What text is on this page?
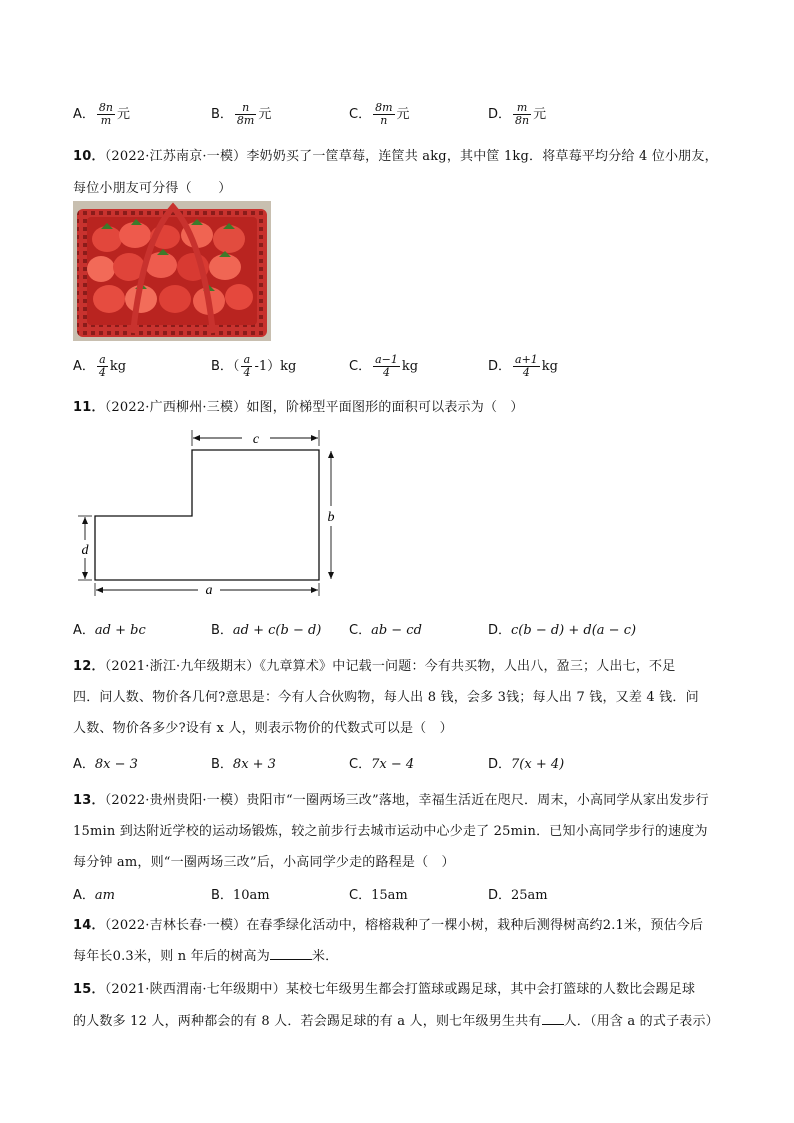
A． $\frac{8n}{m}$ 元	B． $\frac{n}{8m}$ 元	C． $\frac{8m}{n}$ 元	D． $\frac{m}{8n}$ 元
10．（2022·江苏南京·一模）李奶奶买了一筐草莓，连筐共 akg，其中筐 1kg．将草莓平均分给 4 位小朋友，
每位小朋友可分得（　　）
A． $\frac{a}{4}$ kg	B．（ $\frac{a}{4} -1)kg$	C． $\frac{a-1}{4}$ kg	D． $\frac{a+1}{4}$ kg
11．（2022·广西柳州·三模）如图，阶梯型平面图形的面积可以表示为（　）
c
b
d
a
A．ad + bc	B．ad + c(b − d) C．ab − cd	D．c(b − d) + d(a − c)
12．（2021·浙江·九年级期末）《九章算术》中记载一问题：今有共买物，人出八，盈三；人出七，不足
四．问人数、物价各几何?意思是：今有人合伙购物，每人出 8 钱，会多 3钱；每人出 7 钱，又差 4 钱．问
人数、物价各多少?设有 x 人，则表示物价的代数式可以是（　）
A．8x − 3	B．8x + 3	C．7x − 4	D．7(x + 4)
13．（2022·贵州贵阳·一模）贵阳市“一圈两场三改”落地，幸福生活近在咫尺．周末，小高同学从家出发步行
15min 到达附近学校的运动场锻炼，较之前步行去城市运动中心少走了 25min．已知小高同学步行的速度为
每分钟 am，则“一圈两场三改”后，小高同学少走的路程是（　）
A．am	B．10am	C．15am	D．25am
14．（2022·吉林长春·一模）在春季绿化活动中，榕榕栽种了一棵小树，栽种后测得树高约2.1米，预估今后
每年长0.3米，则 n 年后的树高为	米．
15．（2021·陕西渭南·七年级期中）某校七年级男生都会打篮球或踢足球，其中会打篮球的人数比会踢足球
的人数多 12 人，两种都会的有 8 人．若会踢足球的有 a 人，则七年级男生共有 人．（用含 a 的式子表示）
